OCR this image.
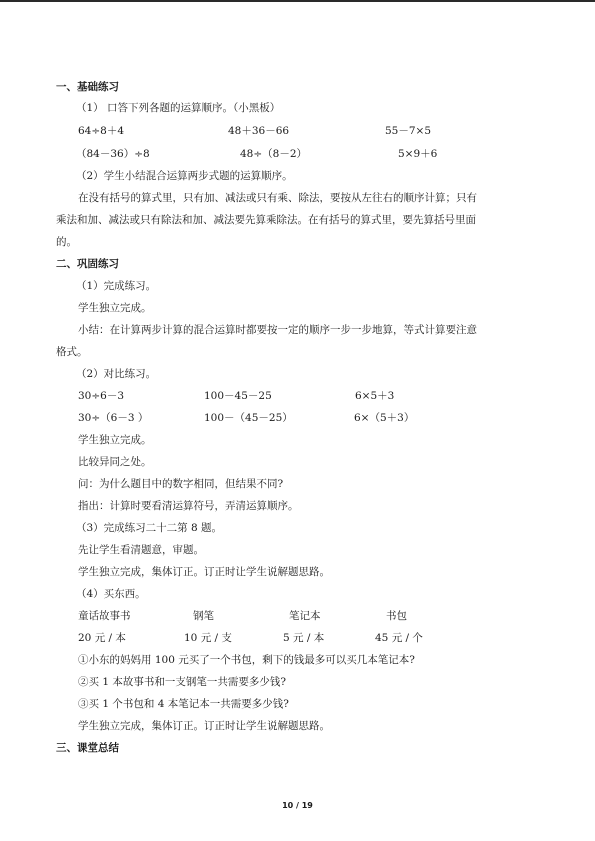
一、基础练习
（1） 口答下列各题的运算顺序。（小黑板）
64÷8＋4	48＋36－66	55－7×5
（84－36）÷8	48÷（8－2）	5×9＋6
（2）学生小结混合运算两步式题的运算顺序。
在没有括号的算式里，只有加、减法或只有乘、除法，要按从左往右的顺序计算；只有
乘法和加、减法或只有除法和加、减法要先算乘除法。在有括号的算式里，要先算括号里面
的。
二、巩固练习
（1）完成练习。
学生独立完成。
小结：在计算两步计算的混合运算时都要按一定的顺序一步一步地算，等式计算要注意
格式。
（2）对比练习。
30÷6－3	100－45－25	6×5＋3
30÷（6－3 ）	100－（45－25）	6×（5＋3）
学生独立完成。
比较异同之处。
问：为什么题目中的数字相同，但结果不同?
指出：计算时要看清运算符号，弄清运算顺序。
（3）完成练习二十二第 8 题。
先让学生看清题意，审题。
学生独立完成，集体订正。订正时让学生说解题思路。
（4）买东西。
童话故事书	钢笔	笔记本	书包
20 元 / 本	10 元 / 支	5 元 / 本	45 元 / 个
①小东的妈妈用 100 元买了一个书包，剩下的钱最多可以买几本笔记本?
②买 1 本故事书和一支钢笔一共需要多少钱?
③买 1 个书包和 4 本笔记本一共需要多少钱?
学生独立完成，集体订正。订正时让学生说解题思路。
三、课堂总结
10 / 19
